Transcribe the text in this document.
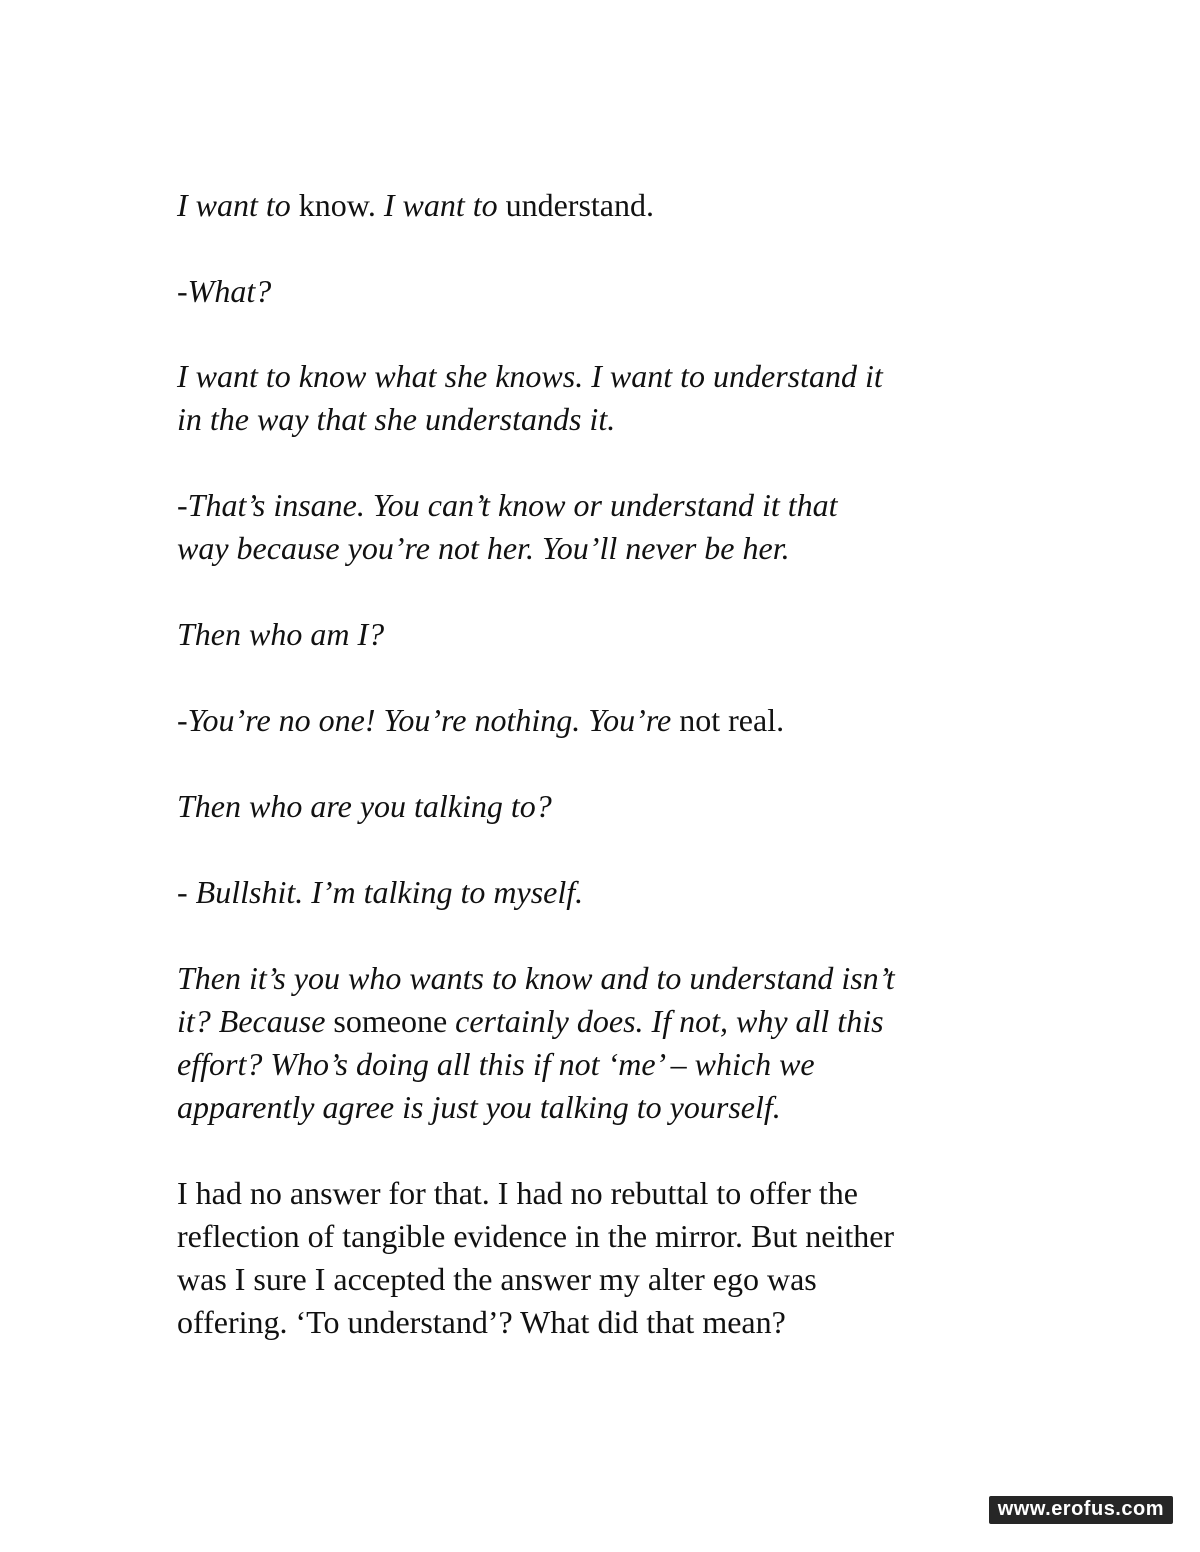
I want to know. I want to understand.

-What?

I want to know what she knows. I want to understand it
in the way that she understands it.

-That’s insane. You can’t know or understand it that
way because you’re not her. You’ll never be her.

Then who am I?

-You’re no one! You’re nothing. You’re not real.

Then who are you talking to?

- Bullshit. I’m talking to myself.

Then it’s you who wants to know and to understand isn’t
it? Because someone certainly does. If not, why all this
effort? Who’s doing all this if not ‘me’ – which we
apparently agree is just you talking to yourself.

I had no answer for that. I had no rebuttal to offer the
reflection of tangible evidence in the mirror. But neither
was I sure I accepted the answer my alter ego was
offering. ‘To understand’? What did that mean?

www.erofus.com
